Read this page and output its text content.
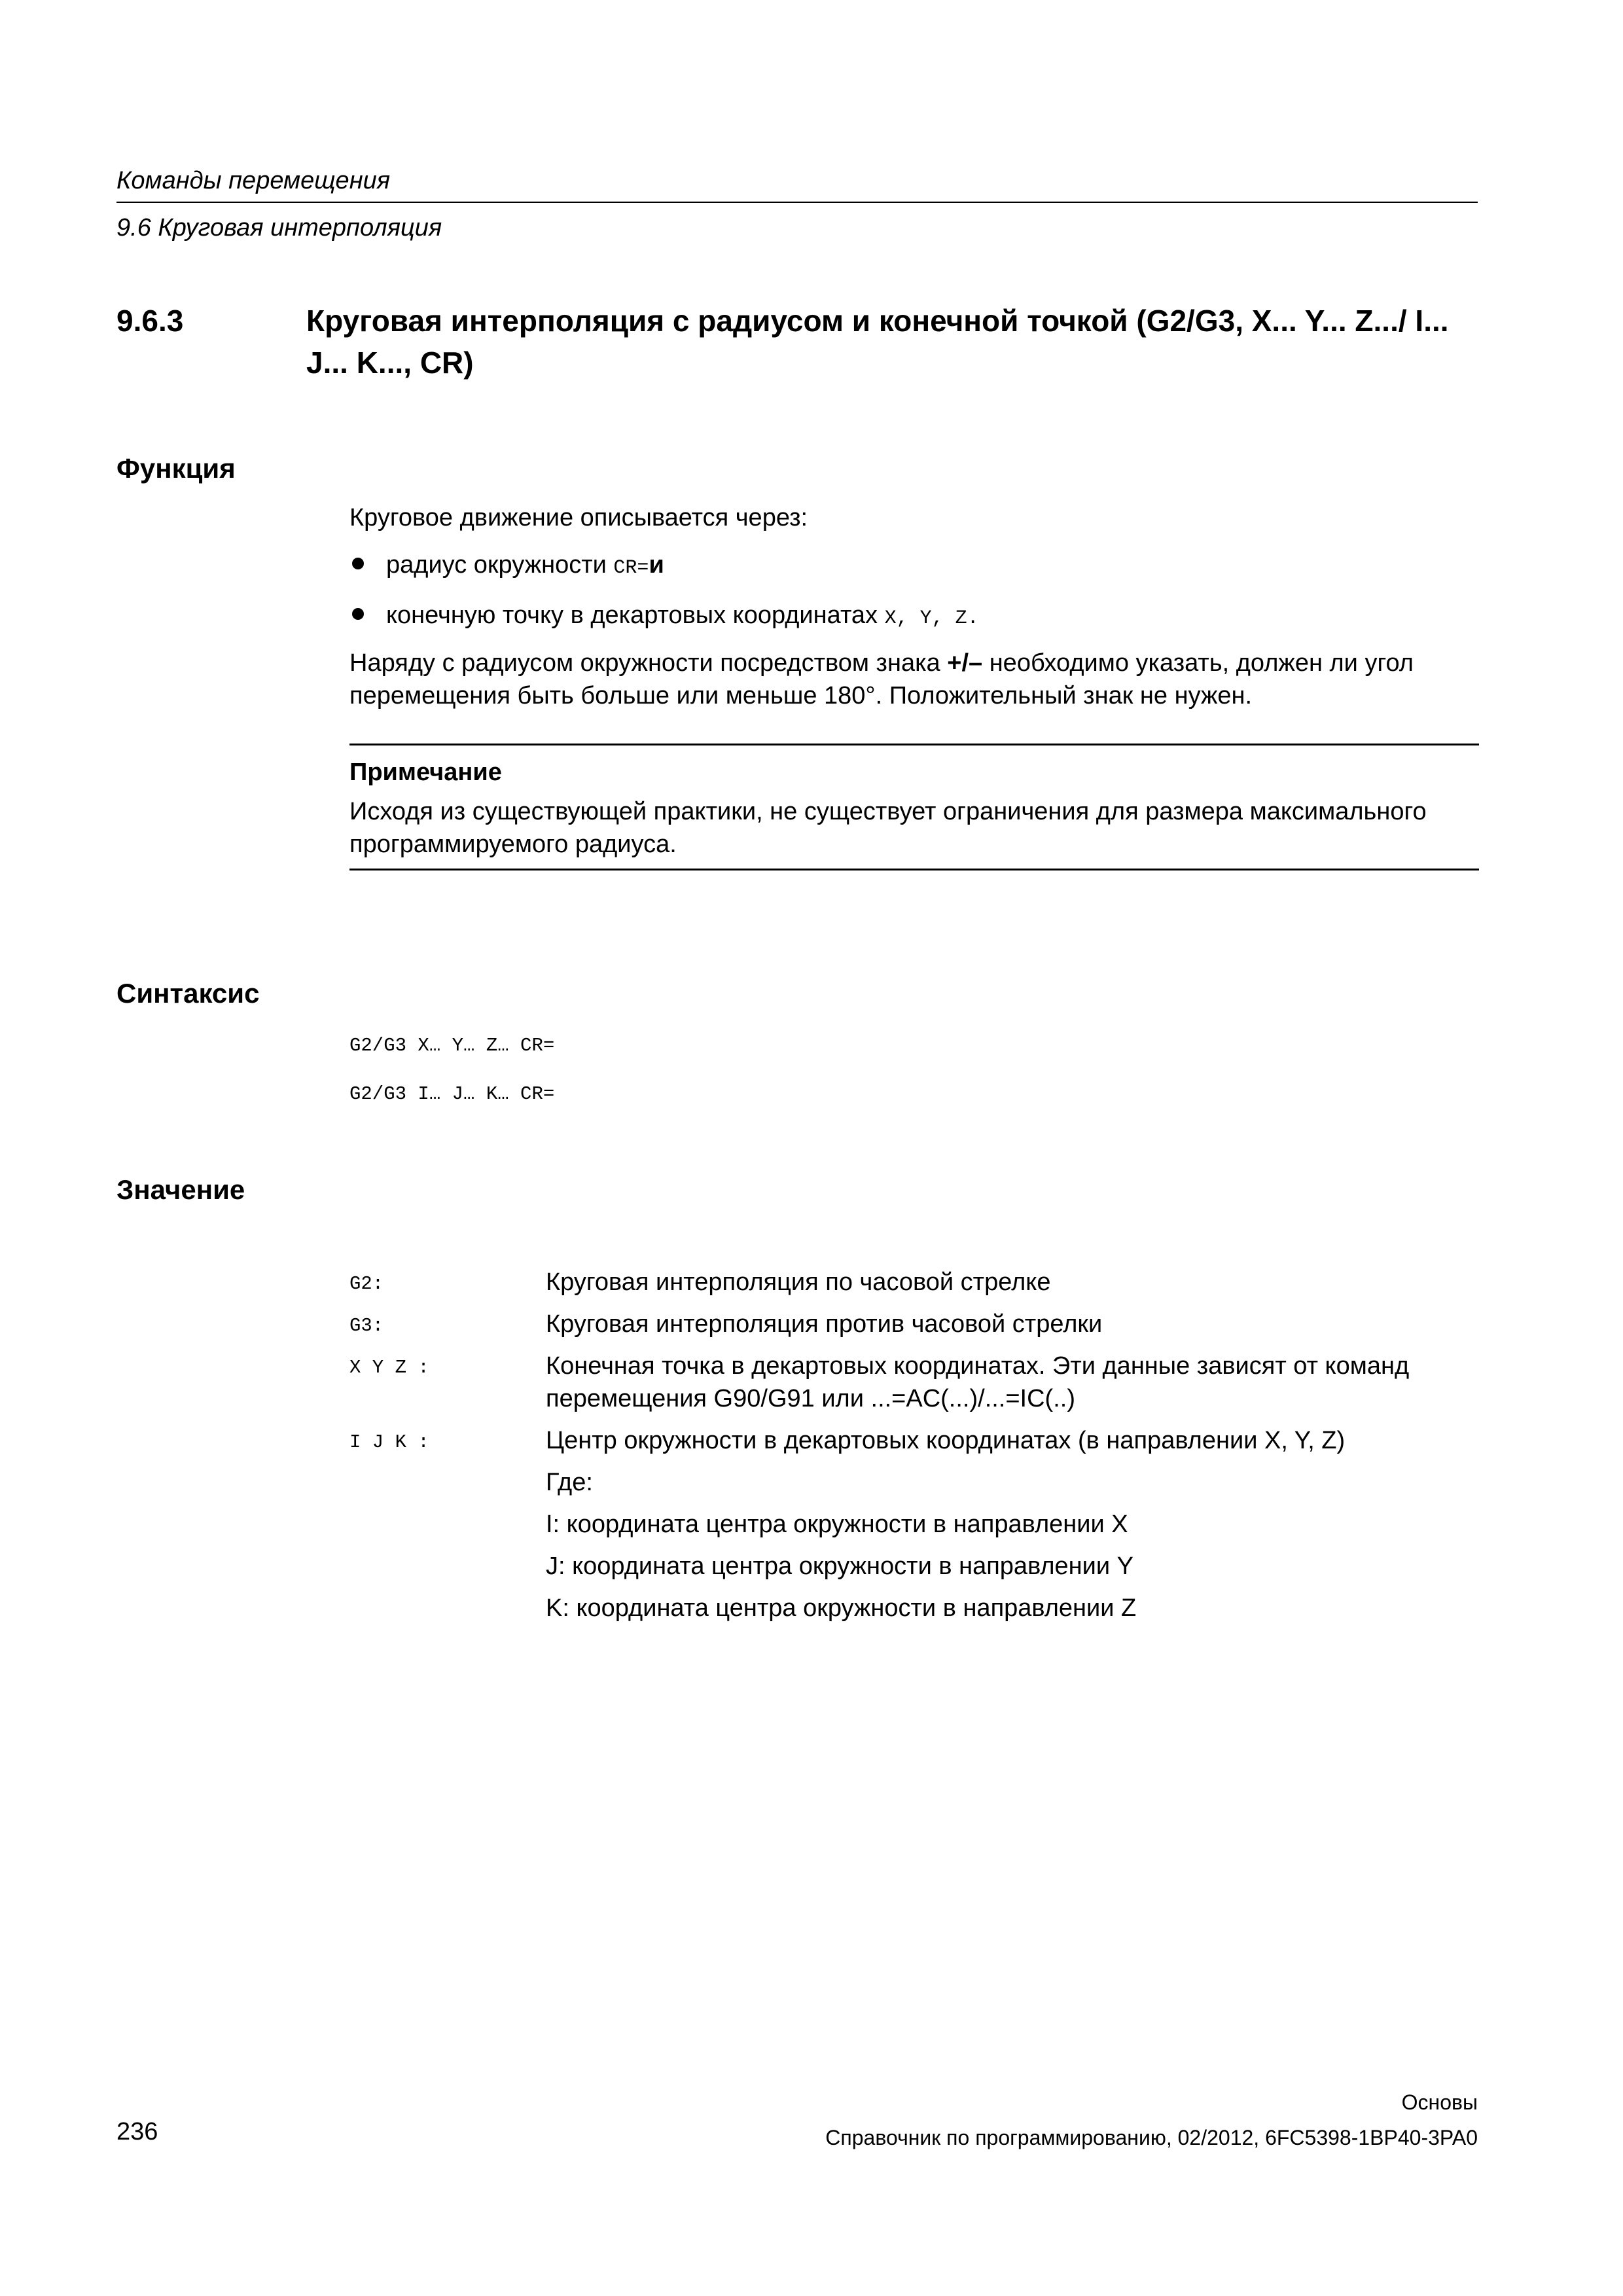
Команды перемещения
9.6 Круговая интерполяция
9.6.3	Круговая интерполяция с радиусом и конечной точкой (G2/G3, X... Y... Z.../ I... J... K..., CR)
Функция

Круговое движение описывается через:

радиус окружности CR=и
конечную точку в декартовых координатах X, Y, Z.

Наряду с радиусом окружности посредством знака +/– необходимо указать, должен ли угол перемещения быть больше или меньше 180°. Положительный знак не нужен.

Примечание
Исходя из существующей практики, не существует ограничения для размера максимального программируемого радиуса.
Синтаксис
G2/G3 X… Y… Z… CR=
G2/G3 I… J… K… CR=
Значение
G2:	Круговая интерполяция по часовой стрелке
G3:	Круговая интерполяция против часовой стрелки
X Y Z :	Конечная точка в декартовых координатах. Эти данные зависят от команд перемещения G90/G91 или ...=AC(...)/...=IC(..)
I J K :	Центр окружности в декартовых координатах (в направлении X, Y, Z)
Где:
I: координата центра окружности в направлении X
J: координата центра окружности в направлении Y
K: координата центра окружности в направлении Z
Основы
236	Справочник по программированию, 02/2012, 6FC5398-1BP40-3PA0
